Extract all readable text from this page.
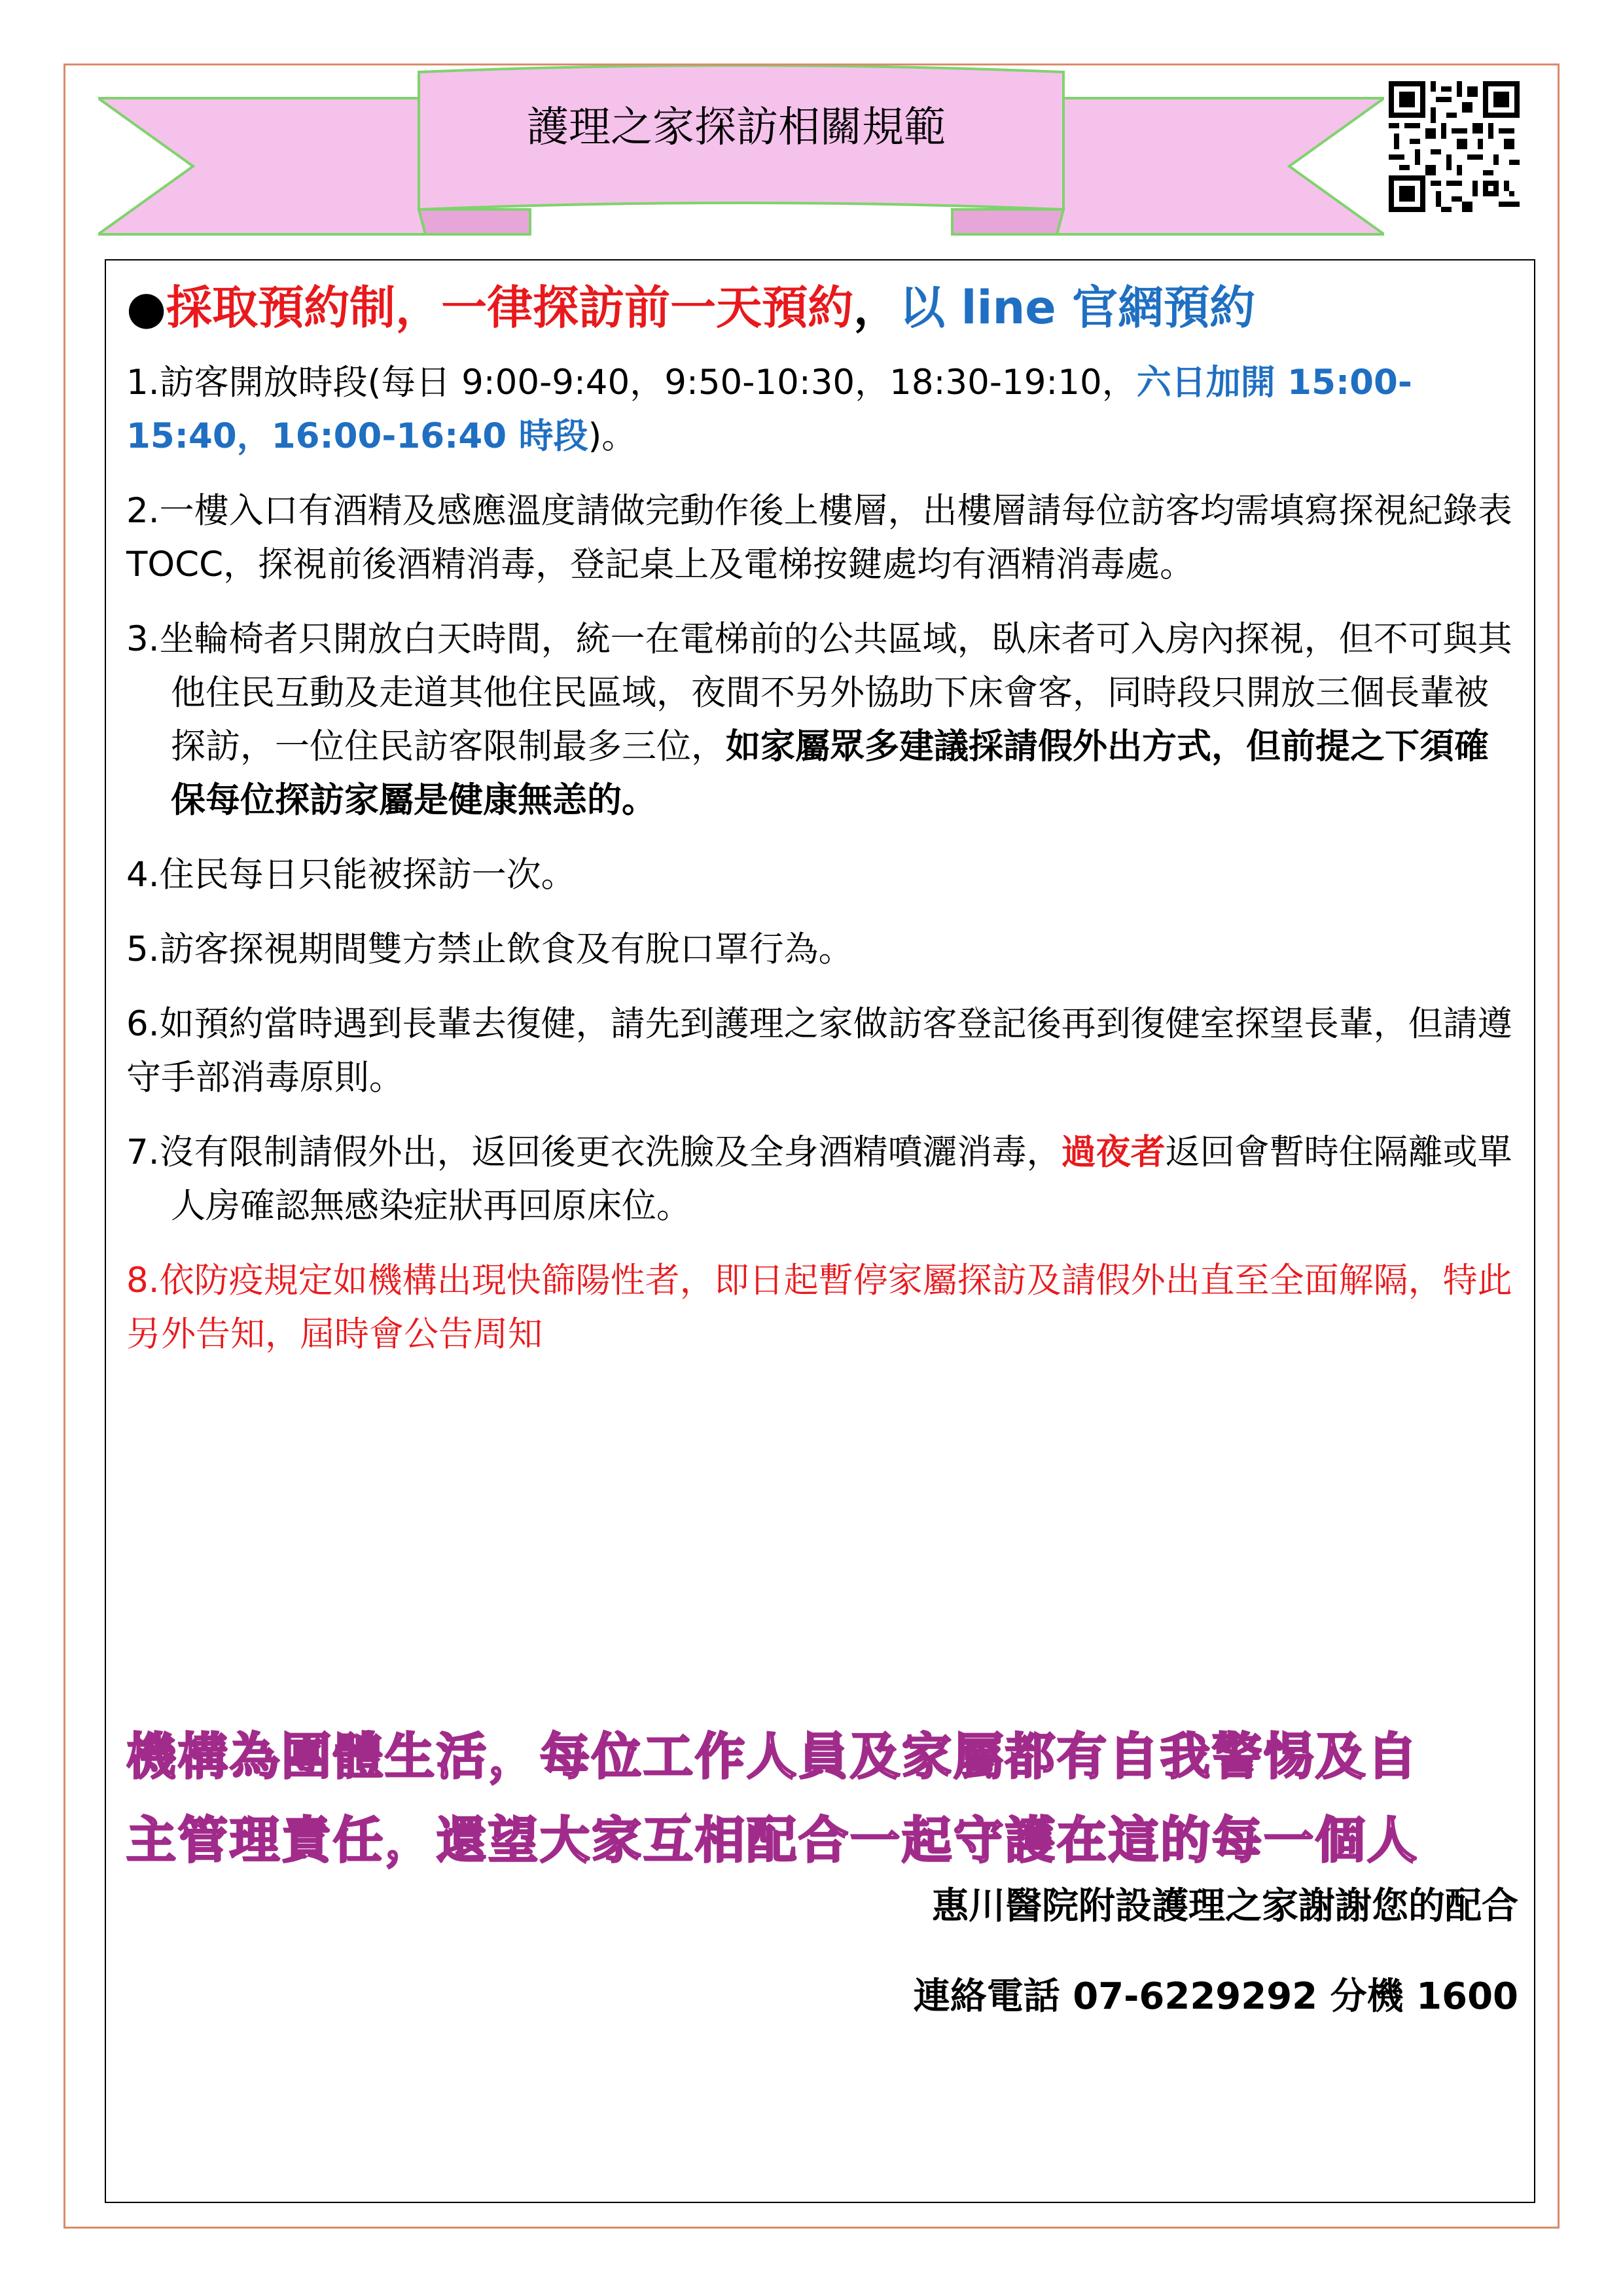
護理之家探訪相關規範
●採取預約制，一律探訪前一天預約，以 line 官網預約
1.訪客開放時段(每日 9:00-9:40，9:50-10:30，18:30-19:10，六日加開 15:00-15:40，16:00-16:40 時段)。
2.一樓入口有酒精及感應溫度請做完動作後上樓層，出樓層請每位訪客均需填寫探視紀錄表 TOCC，探視前後酒精消毒，登記桌上及電梯按鍵處均有酒精消毒處。
3.坐輪椅者只開放白天時間，統一在電梯前的公共區域，臥床者可入房內探視，但不可與其他住民互動及走道其他住民區域，夜間不另外協助下床會客，同時段只開放三個長輩被探訪，一位住民訪客限制最多三位，如家屬眾多建議採請假外出方式，但前提之下須確保每位探訪家屬是健康無恙的。
4.住民每日只能被探訪一次。
5.訪客探視期間雙方禁止飲食及有脫口罩行為。
6.如預約當時遇到長輩去復健，請先到護理之家做訪客登記後再到復健室探望長輩，但請遵守手部消毒原則。
7.沒有限制請假外出，返回後更衣洗臉及全身酒精噴灑消毒，過夜者返回會暫時住隔離或單人房確認無感染症狀再回原床位。
8.依防疫規定如機構出現快篩陽性者，即日起暫停家屬探訪及請假外出直至全面解隔，特此另外告知，屆時會公告周知
機構為團體生活，每位工作人員及家屬都有自我警惕及自
主管理責任，還望大家互相配合一起守護在這的每一個人
惠川醫院附設護理之家謝謝您的配合
連絡電話 07-6229292 分機 1600
